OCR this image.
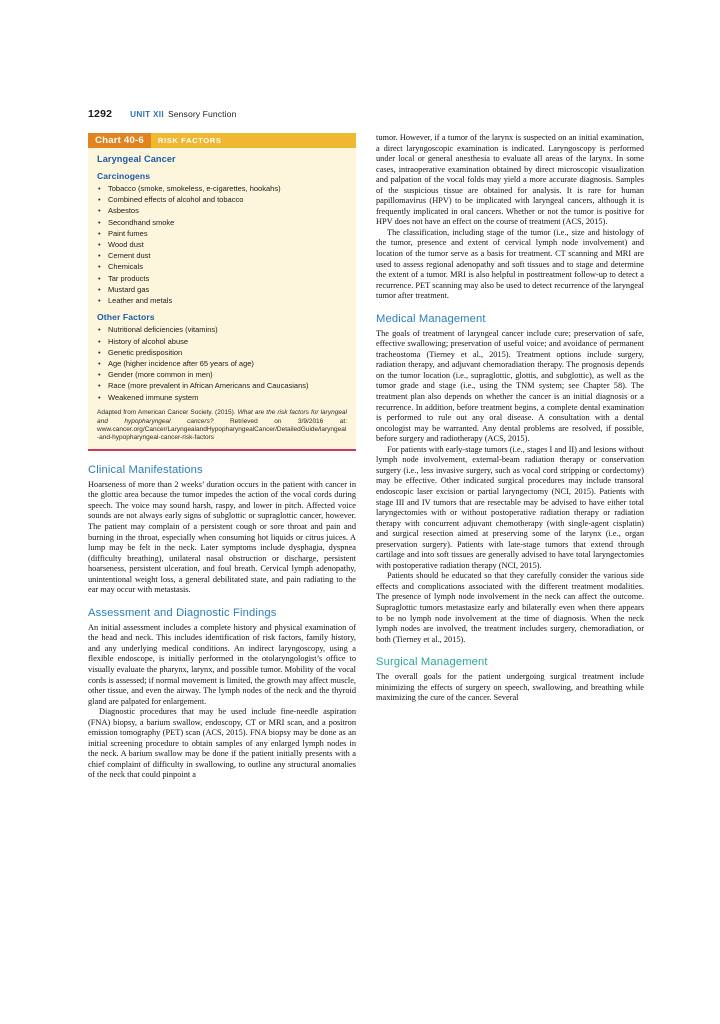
1292 UNIT XII Sensory Function
Chart 40-6	RISK FACTORS
Laryngeal Cancer
Carcinogens
• Tobacco (smoke, smokeless, e-cigarettes, hookahs)
• Combined effects of alcohol and tobacco
• Asbestos
• Secondhand smoke
• Paint fumes
• Wood dust
• Cement dust
• Chemicals
• Tar products
• Mustard gas
• Leather and metals
Other Factors
• Nutritional deficiencies (vitamins)
• History of alcohol abuse
• Genetic predisposition
• Age (higher incidence after 65 years of age)
• Gender (more common in men)
• Race (more prevalent in African Americans and Caucasians)
• Weakened immune system
Adapted from American Cancer Society. (2015). What are the risk factors for laryngeal and hypopharyngeal cancers? Retrieved on 3/9/2016 at: www.cancer.org/Cancer/LaryngealandHypopharyngealCancer/DetailedGuide/laryngeal-and-hypopharyngeal-cancer-risk-factors
Clinical Manifestations

Hoarseness of more than 2 weeks’ duration occurs in the patient with cancer in the glottic area because the tumor impedes the action of the vocal cords during speech. The voice may sound harsh, raspy, and lower in pitch. Affected voice sounds are not always early signs of subglottic or supraglottic cancer, however. The patient may complain of a persistent cough or sore throat and pain and burning in the throat, especially when consuming hot liquids or citrus juices. A lump may be felt in the neck. Later symptoms include dysphagia, dyspnea (difficulty breathing), unilateral nasal obstruction or discharge, persistent hoarseness, persistent ulceration, and foul breath. Cervical lymph adenopathy, unintentional weight loss, a general debilitated state, and pain radiating to the ear may occur with metastasis.

Assessment and Diagnostic Findings

An initial assessment includes a complete history and physical examination of the head and neck. This includes identification of risk factors, family history, and any underlying medical conditions. An indirect laryngoscopy, using a flexible endoscope, is initially performed in the otolaryngologist’s office to visually evaluate the pharynx, larynx, and possible tumor. Mobility of the vocal cords is assessed; if normal movement is limited, the growth may affect muscle, other tissue, and even the airway. The lymph nodes of the neck and the thyroid gland are palpated for enlargement.

Diagnostic procedures that may be used include fine-needle aspiration (FNA) biopsy, a barium swallow, endoscopy, CT or MRI scan, and a positron emission tomography (PET) scan (ACS, 2015). FNA biopsy may be done as an initial screening procedure to obtain samples of any enlarged lymph nodes in the neck. A barium swallow may be done if the patient initially presents with a chief complaint of difficulty in swallowing, to outline any structural anomalies of the neck that could pinpoint a

tumor. However, if a tumor of the larynx is suspected on an initial examination, a direct laryngoscopic examination is indicated. Laryngoscopy is performed under local or general anesthesia to evaluate all areas of the larynx. In some cases, intraoperative examination obtained by direct microscopic visualization and palpation of the vocal folds may yield a more accurate diagnosis. Samples of the suspicious tissue are obtained for analysis. It is rare for human papillomavirus (HPV) to be implicated with laryngeal cancers, although it is frequently implicated in oral cancers. Whether or not the tumor is positive for HPV does not have an effect on the course of treatment (ACS, 2015).

The classification, including stage of the tumor (i.e., size and histology of the tumor, presence and extent of cervical lymph node involvement) and location of the tumor serve as a basis for treatment. CT scanning and MRI are used to assess regional adenopathy and soft tissues and to stage and determine the extent of a tumor. MRI is also helpful in posttreatment follow-up to detect a recurrence. PET scanning may also be used to detect recurrence of the laryngeal tumor after treatment.

Medical Management

The goals of treatment of laryngeal cancer include cure; preservation of safe, effective swallowing; preservation of useful voice; and avoidance of permanent tracheostoma (Tierney et al., 2015). Treatment options include surgery, radiation therapy, and adjuvant chemoradiation therapy. The prognosis depends on the tumor location (i.e., supraglottic, glottis, and subglottic), as well as the tumor grade and stage (i.e., using the TNM system; see Chapter 58). The treatment plan also depends on whether the cancer is an initial diagnosis or a recurrence. In addition, before treatment begins, a complete dental examination is performed to rule out any oral disease. A consultation with a dental oncologist may be warranted. Any dental problems are resolved, if possible, before surgery and radiotherapy (ACS, 2015).

For patients with early-stage tumors (i.e., stages I and II) and lesions without lymph node involvement, external-beam radiation therapy or conservation surgery (i.e., less invasive surgery, such as vocal cord stripping or cordectomy) may be effective. Other indicated surgical procedures may include transoral endoscopic laser excision or partial laryngectomy (NCI, 2015). Patients with stage III and IV tumors that are resectable may be advised to have either total laryngectomies with or without postoperative radiation therapy or radiation therapy with concurrent adjuvant chemotherapy (with single-agent cisplatin) and surgical resection aimed at preserving some of the larynx (i.e., organ preservation surgery). Patients with late-stage tumors that extend through cartilage and into soft tissues are generally advised to have total laryngectomies with postoperative radiation therapy (NCI, 2015).

Patients should be educated so that they carefully consider the various side effects and complications associated with the different treatment modalities. The presence of lymph node involvement in the neck can affect the outcome. Supraglottic tumors metastasize early and bilaterally even when there appears to be no lymph node involvement at the time of diagnosis. When the neck lymph nodes are involved, the treatment includes surgery, chemoradiation, or both (Tierney et al., 2015).

Surgical Management

The overall goals for the patient undergoing surgical treatment include minimizing the effects of surgery on speech, swallowing, and breathing while maximizing the cure of the cancer. Several
